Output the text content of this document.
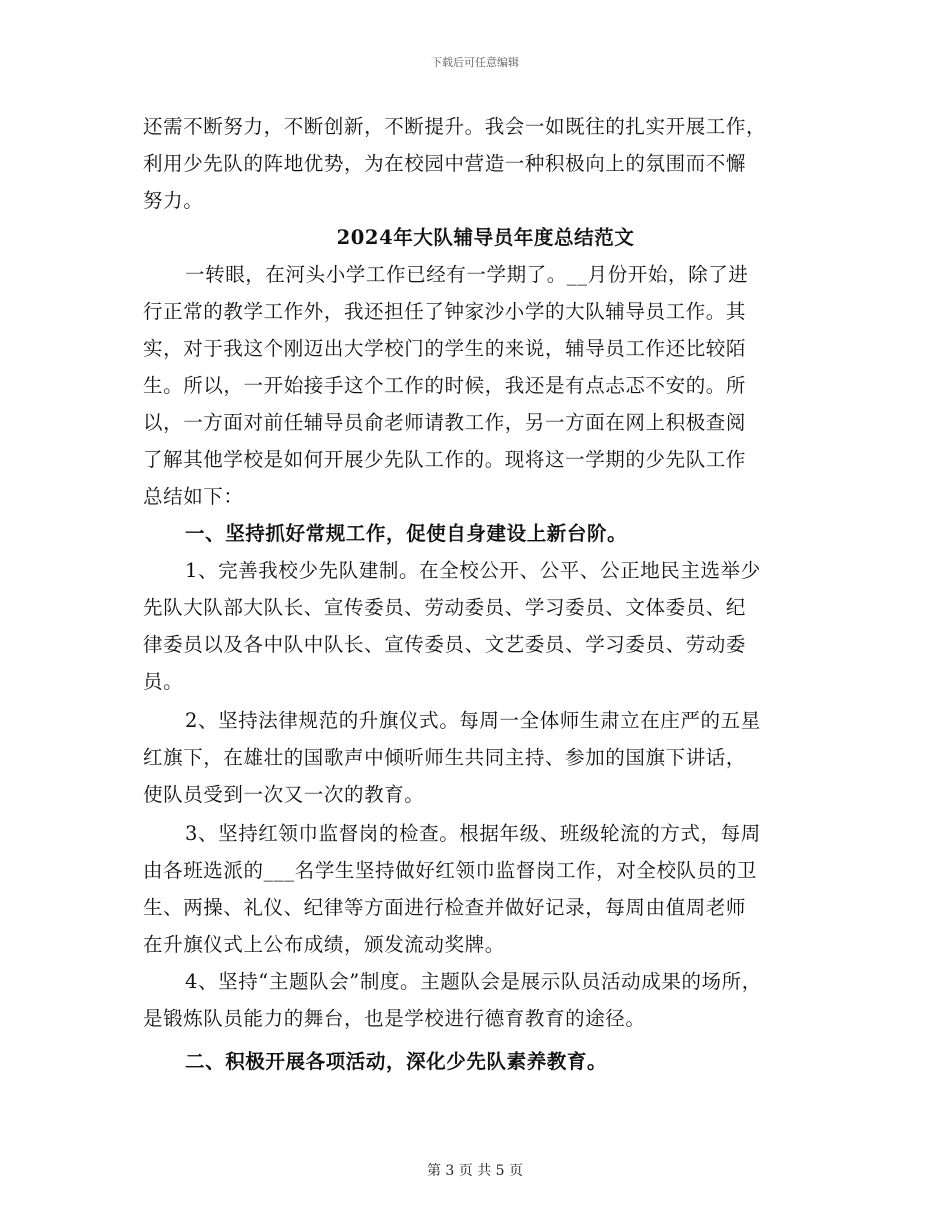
下载后可任意编辑
还需不断努力，不断创新，不断提升。我会一如既往的扎实开展工作，
利用少先队的阵地优势，为在校园中营造一种积极向上的氛围而不懈
努力。
2024年大队辅导员年度总结范文
一转眼，在河头小学工作已经有一学期了。__月份开始，除了进
行正常的教学工作外，我还担任了钟家沙小学的大队辅导员工作。其
实，对于我这个刚迈出大学校门的学生的来说，辅导员工作还比较陌
生。所以，一开始接手这个工作的时候，我还是有点忐忑不安的。所
以，一方面对前任辅导员俞老师请教工作，另一方面在网上积极查阅
了解其他学校是如何开展少先队工作的。现将这一学期的少先队工作
总结如下：
一、坚持抓好常规工作，促使自身建设上新台阶。
1、完善我校少先队建制。在全校公开、公平、公正地民主选举少
先队大队部大队长、宣传委员、劳动委员、学习委员、文体委员、纪
律委员以及各中队中队长、宣传委员、文艺委员、学习委员、劳动委
员。
2、坚持法律规范的升旗仪式。每周一全体师生肃立在庄严的五星
红旗下，在雄壮的国歌声中倾听师生共同主持、参加的国旗下讲话，
使队员受到一次又一次的教育。
3、坚持红领巾监督岗的检查。根据年级、班级轮流的方式，每周
由各班选派的___名学生坚持做好红领巾监督岗工作，对全校队员的卫
生、两操、礼仪、纪律等方面进行检查并做好记录，每周由值周老师
在升旗仪式上公布成绩，颁发流动奖牌。
4、坚持“主题队会”制度。主题队会是展示队员活动成果的场所，
是锻炼队员能力的舞台，也是学校进行德育教育的途径。
二、积极开展各项活动，深化少先队素养教育。
第 3 页 共 5 页
